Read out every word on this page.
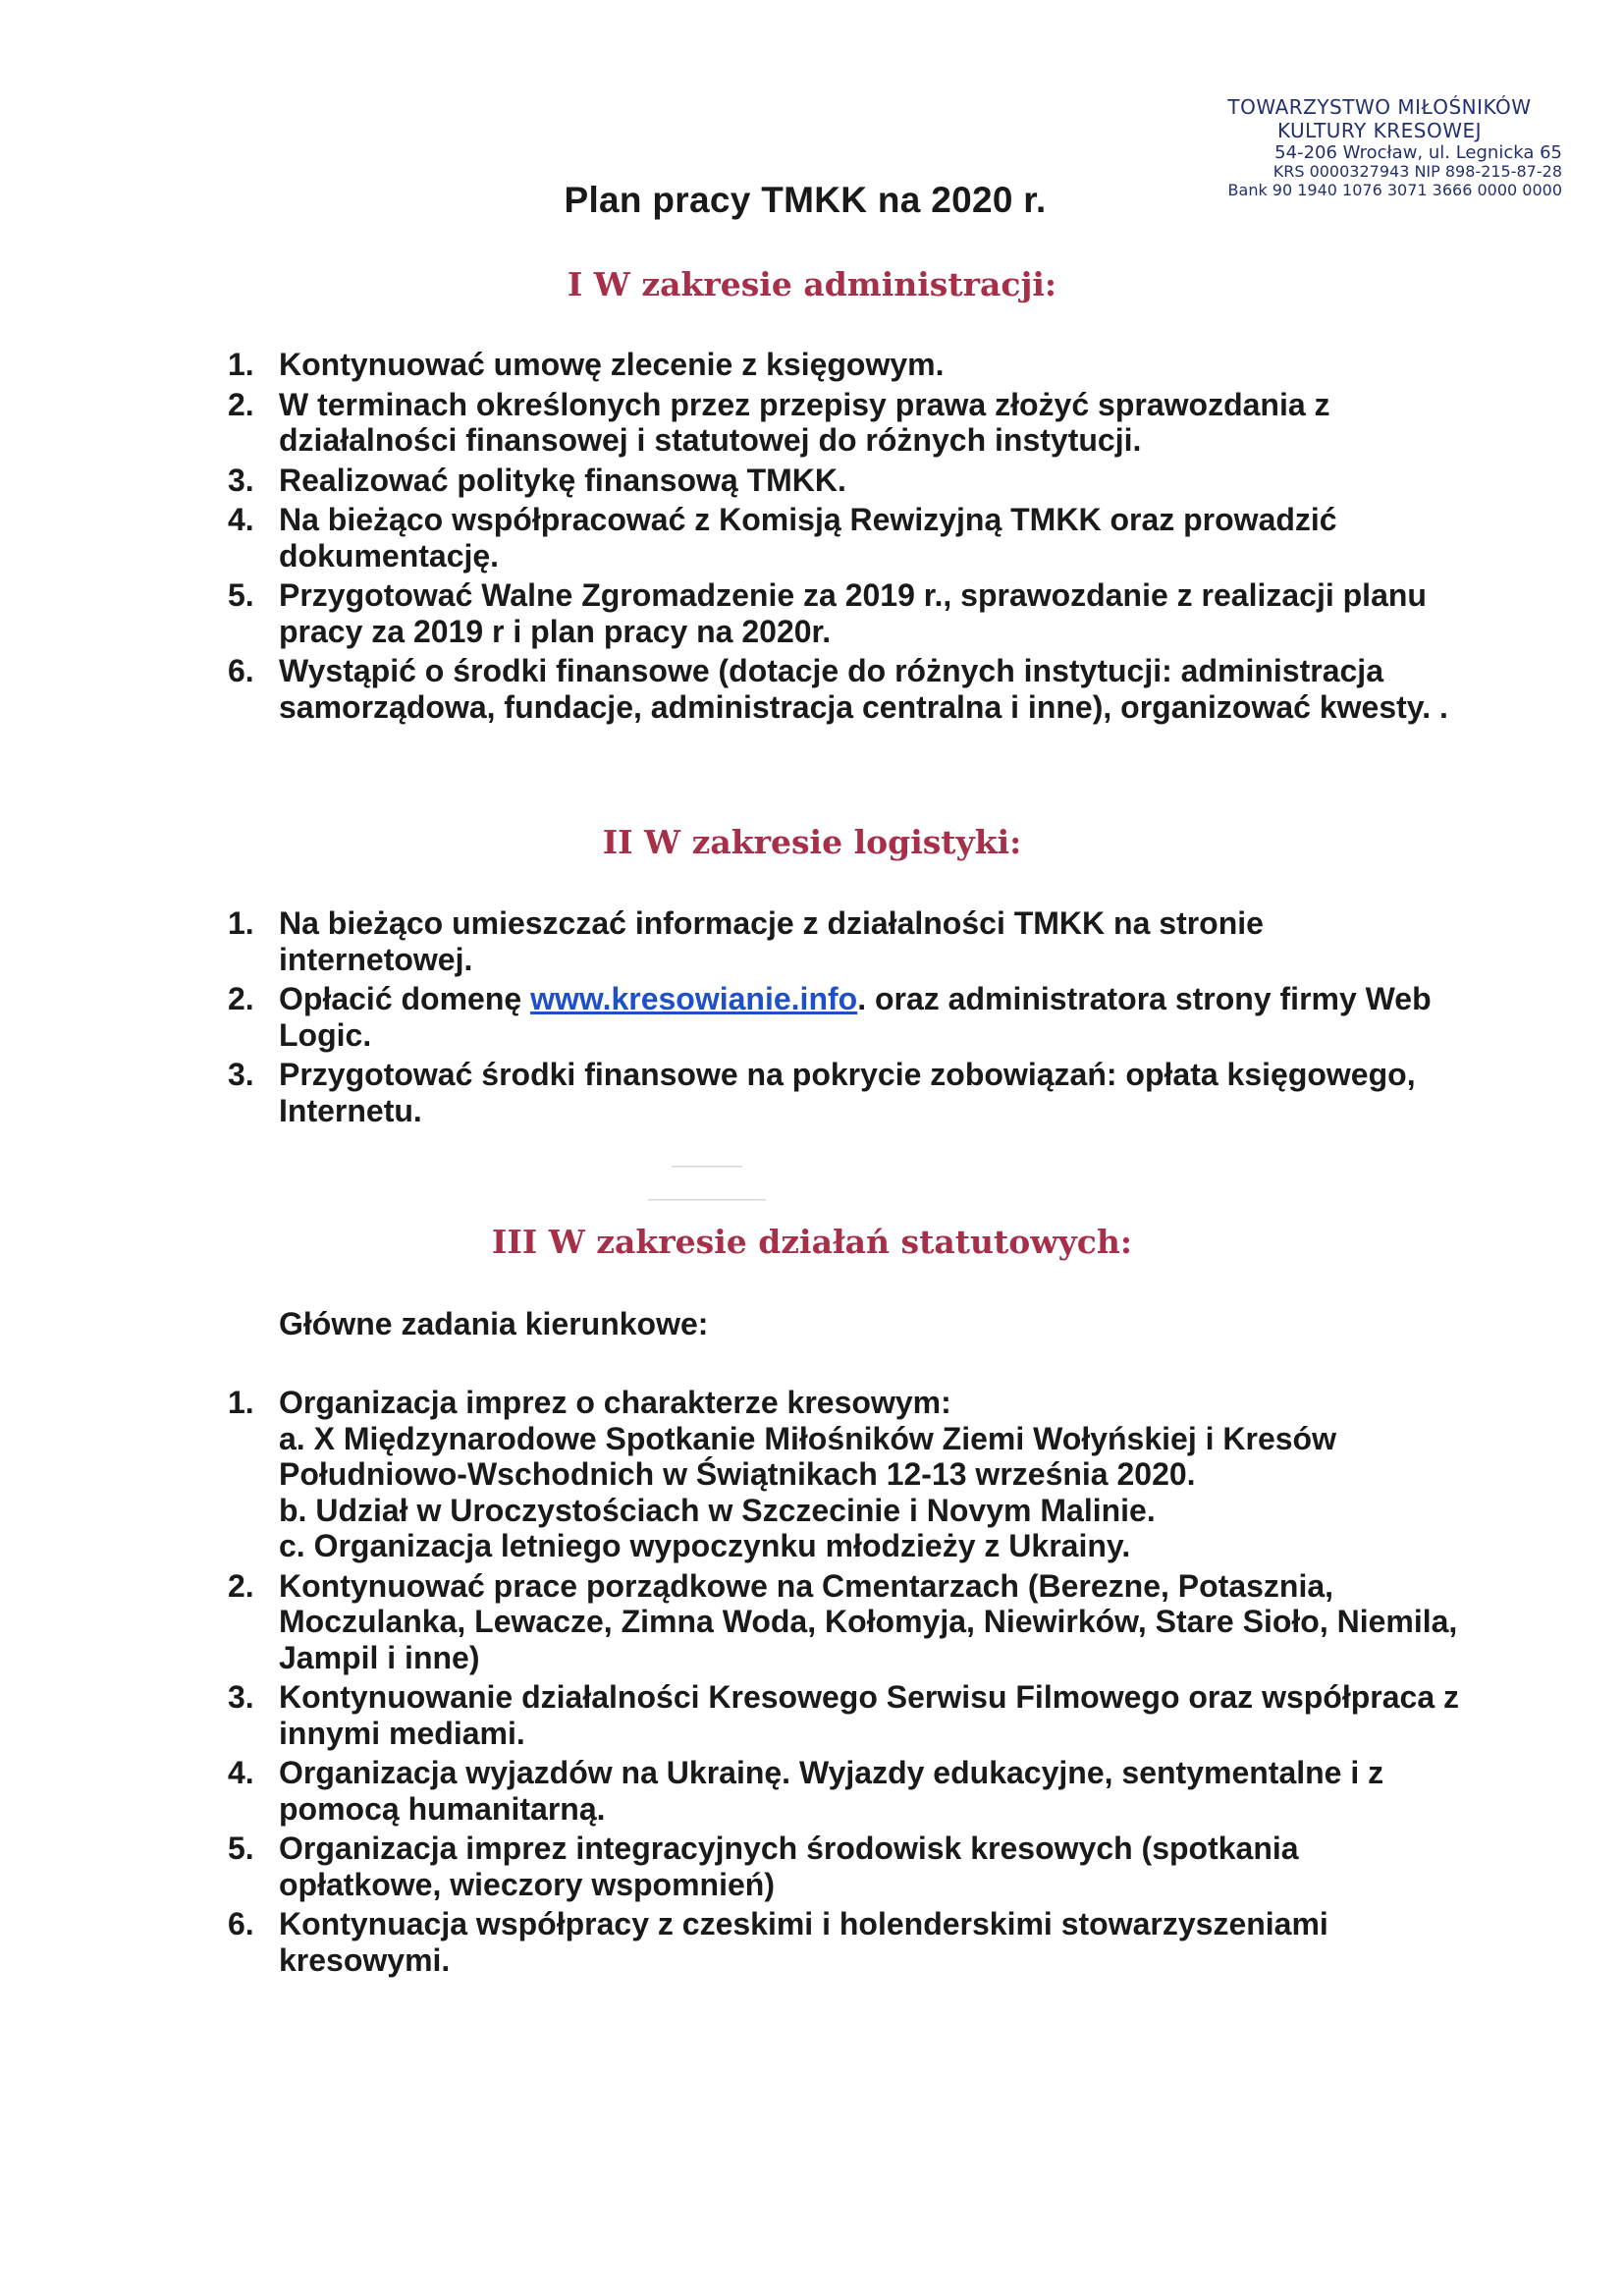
TOWARZYSTWO MIŁOŚNIKÓW
KULTURY KRESOWEJ
54-206 Wrocław, ul. Legnicka 65
KRS 0000327943 NIP 898-215-87-28
Bank 90 1940 1076 3071 3666 0000 0000
Plan pracy TMKK na 2020 r.
I W zakresie administracji:
1. Kontynuować umowę zlecenie z księgowym.
2. W terminach określonych przez przepisy prawa złożyć sprawozdania z działalności finansowej i statutowej do różnych instytucji.
3. Realizować politykę finansową TMKK.
4. Na bieżąco współpracować z Komisją Rewizyjną TMKK oraz prowadzić dokumentację.
5. Przygotować Walne Zgromadzenie za 2019 r., sprawozdanie z realizacji planu pracy za 2019 r i plan pracy na 2020r.
6. Wystąpić o środki finansowe (dotacje do różnych instytucji: administracja samorządowa, fundacje, administracja centralna i inne), organizować kwesty. .
II W zakresie logistyki:
1. Na bieżąco umieszczać informacje z działalności TMKK na stronie internetowej.
2. Opłacić domenę www.kresowianie.info. oraz administratora strony firmy Web Logic.
3. Przygotować środki finansowe na pokrycie zobowiązań: opłata księgowego, Internetu.
⎯⎯⎯⎯⎯⎯
⎯⎯⎯⎯⎯⎯⎯⎯⎯⎯
III W zakresie działań statutowych:
Główne zadania kierunkowe:
1. Organizacja imprez o charakterze kresowym:
a. X Międzynarodowe Spotkanie Miłośników Ziemi Wołyńskiej i Kresów Południowo-Wschodnich w Świątnikach 12-13 września 2020.
b. Udział w Uroczystościach w Szczecinie i Novym Malinie.
c. Organizacja letniego wypoczynku młodzieży z Ukrainy.
2. Kontynuować prace porządkowe na Cmentarzach (Berezne, Potasznia, Moczulanka, Lewacze, Zimna Woda, Kołomyja, Niewirków, Stare Sioło, Niemila, Jampil i inne)
3. Kontynuowanie działalności Kresowego Serwisu Filmowego oraz współpraca z innymi mediami.
4. Organizacja wyjazdów na Ukrainę. Wyjazdy edukacyjne, sentymentalne i z pomocą humanitarną.
5. Organizacja imprez integracyjnych środowisk kresowych (spotkania opłatkowe, wieczory wspomnień)
6. Kontynuacja współpracy z czeskimi i holenderskimi stowarzyszeniami kresowymi.
